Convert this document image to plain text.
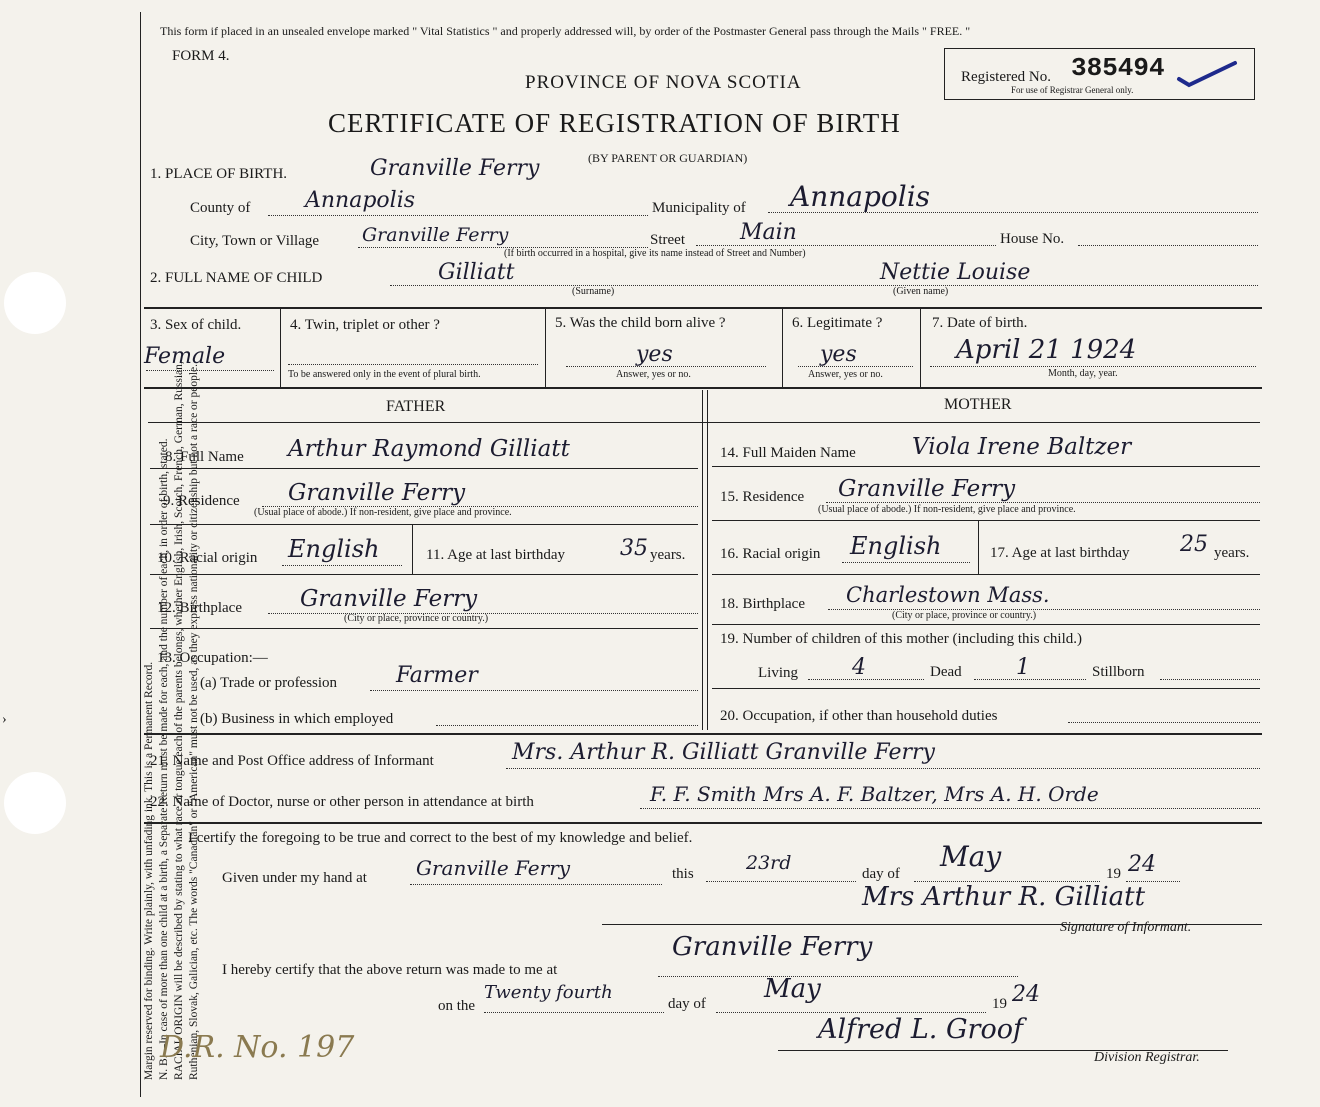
›	Margin reserved for binding. Write plainly, with unfading ink. This is a Permanent Record. N. B.—In case of more than one child at a birth, a Separate Return must be made for each, and the number of each, in order of birth, stated. RACIAL ORIGIN will be described by stating to what race or tongue each of the parents belongs, whether English, Irish, Scotch, French, German, Russian, Ruthenian, Slovak, Galician, etc. The words "Canadian" or "American" must not be used, as they express nationality or citizenship but not a race or people.
This form if placed in an unsealed envelope marked " Vital Statistics " and properly addressed will, by order of the Postmaster General pass through the Mails " FREE. "
FORM 4.
PROVINCE OF NOVA SCOTIA
CERTIFICATE OF REGISTRATION OF BIRTH
(BY PARENT OR GUARDIAN)
Registered No. 385494
For use of Registrar General only.
1. PLACE OF BIRTH.	Granville Ferry
County of Annapolis	Municipality of Annapolis
City, Town or Village Granville Ferry	Street	Main	House No.
(If birth occurred in a hospital, give its name instead of Street and Number)
2. FULL NAME OF CHILD	Gilliatt	Nettie Louise
(Surname)	(Given name)
3. Sex of child.
Female
4. Twin, triplet or other ?
To be answered only in the event of plural birth.
5. Was the child born alive ?
yes
Answer, yes or no.
6. Legitimate ?
yes
Answer, yes or no.
7. Date of birth.
April 21 1924
Month, day, year.
FATHER	MOTHER
8. Full Name Arthur Raymond Gilliatt
9. Residence Granville Ferry
(Usual place of abode.) If non-resident, give place and province.
10. Racial origin English	11. Age at last birthday	35 years.
12. Birthplace	Granville Ferry
(City or place, province or country.)
13. Occupation:—
(a) Trade or profession	Farmer
(b) Business in which employed
14. Full Maiden Name Viola Irene Baltzer
15. Residence Granville Ferry
(Usual place of abode.) If non-resident, give place and province.
16. Racial origin English	17. Age at last birthday 25 years.
18. Birthplace Charlestown Mass.
(City or place, province or country.)
19. Number of children of this mother (including this child.)
Living 4	Dead 1	Stillborn
20. Occupation, if other than household duties
21. Name and Post Office address of Informant	Mrs. Arthur R. Gilliatt Granville Ferry
22. Name of Doctor, nurse or other person in attendance at birth	F. F. Smith Mrs A. F. Baltzer, Mrs A. H. Orde
I certify the foregoing to be true and correct to the best of my knowledge and belief.
Given under my hand at Granville Ferry	this	23rd	day of
May
19 24
Mrs Arthur R. Gilliatt
Signature of Informant.
I hereby certify that the above return was made to me at
Granville Ferry
on the
Twenty fourth
day of May	19 24
Alfred L. Groof
Division Registrar.
D.R. No. 197
